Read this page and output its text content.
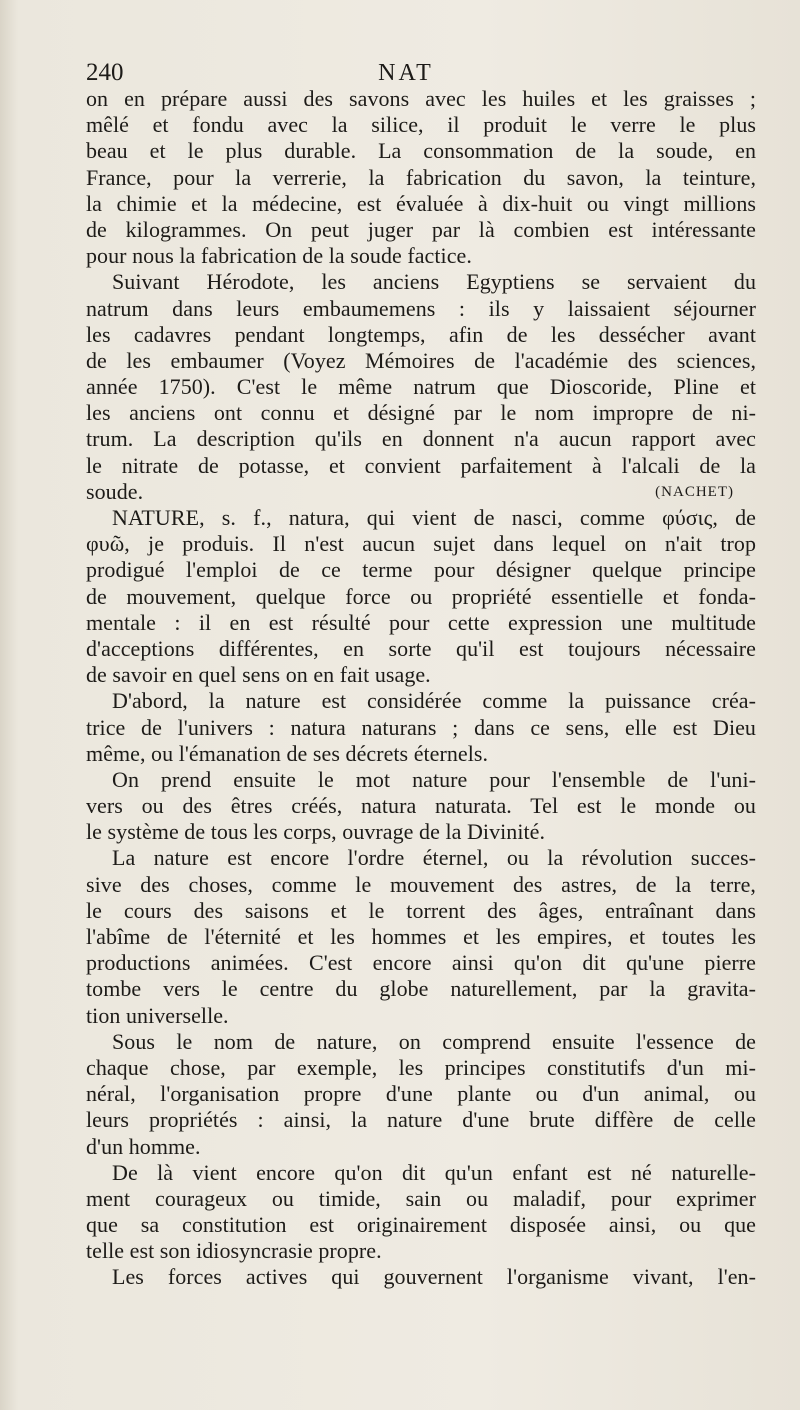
240	NAT
on en prépare aussi des savons avec les huiles et les graisses ;
mêlé et fondu avec la silice, il produit le verre le plus
beau et le plus durable. La consommation de la soude, en
France, pour la verrerie, la fabrication du savon, la teinture,
la chimie et la médecine, est évaluée à dix-huit ou vingt millions
de kilogrammes. On peut juger par là combien est intéressante
pour nous la fabrication de la soude factice.
Suivant Hérodote, les anciens Egyptiens se servaient du
natrum dans leurs embaumemens : ils y laissaient séjourner
les cadavres pendant longtemps, afin de les dessécher avant
de les embaumer (Voyez Mémoires de l'académie des sciences,
année 1750). C'est le même natrum que Dioscoride, Pline et
les anciens ont connu et désigné par le nom impropre de ni-
trum. La description qu'ils en donnent n'a aucun rapport avec
le nitrate de potasse, et convient parfaitement à l'alcali de la
soude.	(NACHET)
NATURE, s. f., natura, qui vient de nasci, comme φύσις, de
φυῶ, je produis. Il n'est aucun sujet dans lequel on n'ait trop
prodigué l'emploi de ce terme pour désigner quelque principe
de mouvement, quelque force ou propriété essentielle et fonda-
mentale : il en est résulté pour cette expression une multitude
d'acceptions différentes, en sorte qu'il est toujours nécessaire
de savoir en quel sens on en fait usage.
D'abord, la nature est considérée comme la puissance créa-
trice de l'univers : natura naturans ; dans ce sens, elle est Dieu
même, ou l'émanation de ses décrets éternels.
On prend ensuite le mot nature pour l'ensemble de l'uni-
vers ou des êtres créés, natura naturata. Tel est le monde ou
le système de tous les corps, ouvrage de la Divinité.
La nature est encore l'ordre éternel, ou la révolution succes-
sive des choses, comme le mouvement des astres, de la terre,
le cours des saisons et le torrent des âges, entraînant dans
l'abîme de l'éternité et les hommes et les empires, et toutes les
productions animées. C'est encore ainsi qu'on dit qu'une pierre
tombe vers le centre du globe naturellement, par la gravita-
tion universelle.
Sous le nom de nature, on comprend ensuite l'essence de
chaque chose, par exemple, les principes constitutifs d'un mi-
néral, l'organisation propre d'une plante ou d'un animal, ou
leurs propriétés : ainsi, la nature d'une brute diffère de celle
d'un homme.
De là vient encore qu'on dit qu'un enfant est né naturelle-
ment courageux ou timide, sain ou maladif, pour exprimer
que sa constitution est originairement disposée ainsi, ou que
telle est son idiosyncrasie propre.
Les forces actives qui gouvernent l'organisme vivant, l'en-
